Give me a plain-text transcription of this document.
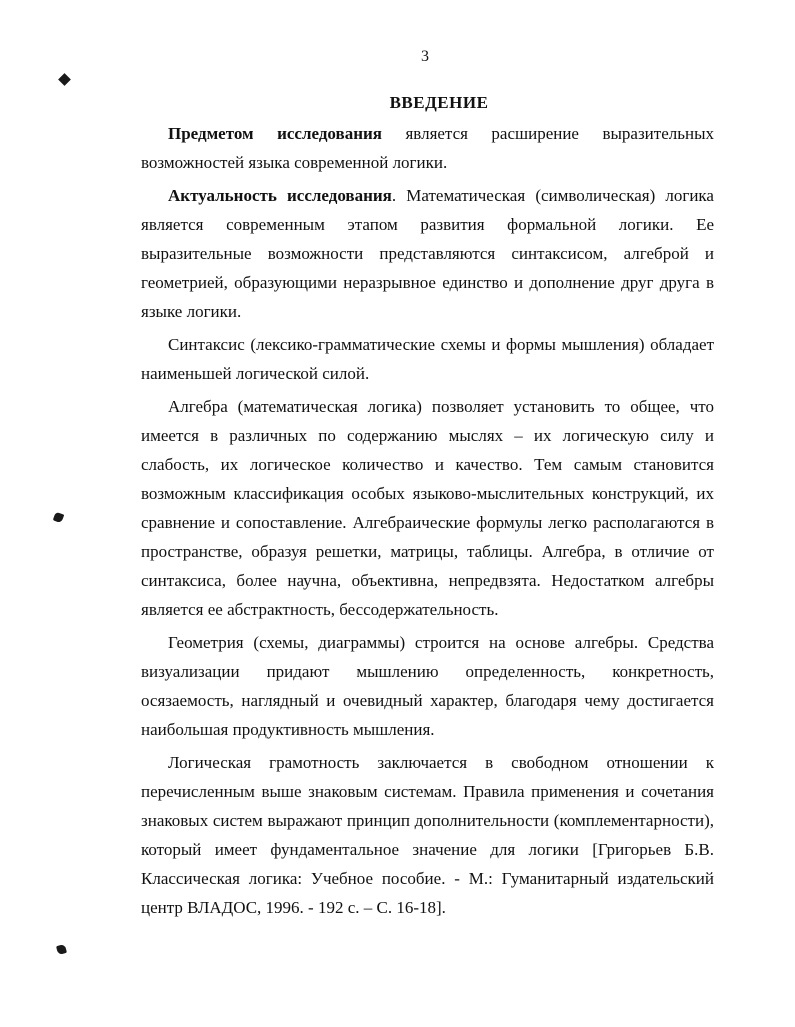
3
ВВЕДЕНИЕ

Предметом исследования является расширение выразительных возможностей языка современной логики.

Актуальность исследования. Математическая (символическая) логика является современным этапом развития формальной логики. Ее выразительные возможности представляются синтаксисом, алгеброй и геометрией, образующими неразрывное единство и дополнение друг друга в языке логики.

Синтаксис (лексико-грамматические схемы и формы мышления) обладает наименьшей логической силой.

Алгебра (математическая логика) позволяет установить то общее, что имеется в различных по содержанию мыслях – их логическую силу и слабость, их логическое количество и качество. Тем самым становится возможным классификация особых языково-мыслительных конструкций, их сравнение и сопоставление. Алгебраические формулы легко располагаются в пространстве, образуя решетки, матрицы, таблицы. Алгебра, в отличие от синтаксиса, более научна, объективна, непредвзята. Недостатком алгебры является ее абстрактность, бессодержательность.

Геометрия (схемы, диаграммы) строится на основе алгебры. Средства визуализации придают мышлению определенность, конкретность, осязаемость, наглядный и очевидный характер, благодаря чему достигается наибольшая продуктивность мышления.

Логическая грамотность заключается в свободном отношении к перечисленным выше знаковым системам. Правила применения и сочетания знаковых систем выражают принцип дополнительности (комплементарности), который имеет фундаментальное значение для логики [Григорьев Б.В. Классическая логика: Учебное пособие. - М.: Гуманитарный издательский центр ВЛАДОС, 1996. - 192 с. – С. 16-18].
